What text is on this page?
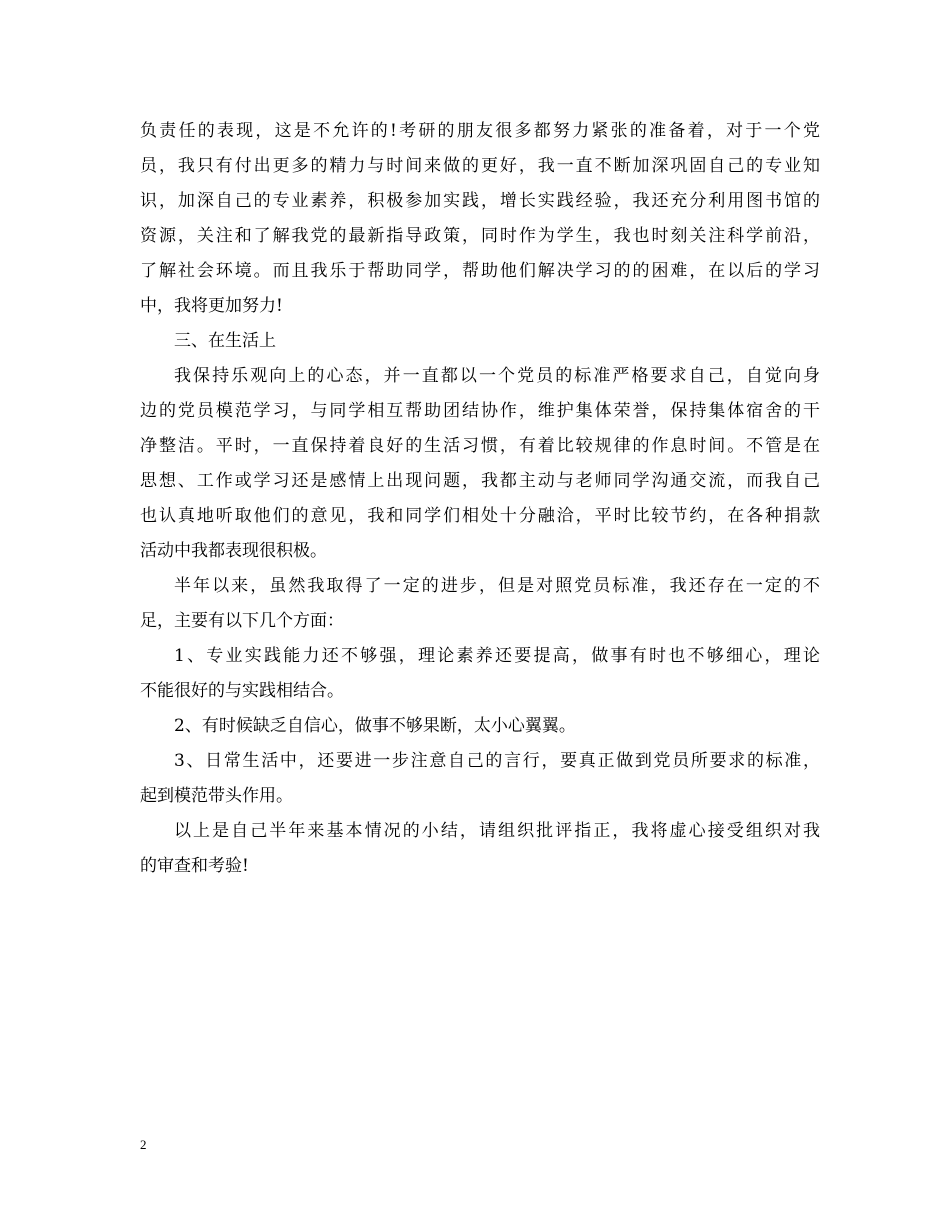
负责任的表现，这是不允许的!考研的朋友很多都努力紧张的准备着，对于一个党
员，我只有付出更多的精力与时间来做的更好，我一直不断加深巩固自己的专业知
识，加深自己的专业素养，积极参加实践，增长实践经验，我还充分利用图书馆的
资源，关注和了解我党的最新指导政策，同时作为学生，我也时刻关注科学前沿，
了解社会环境。而且我乐于帮助同学，帮助他们解决学习的的困难，在以后的学习
中，我将更加努力!
三、在生活上
我保持乐观向上的心态，并一直都以一个党员的标准严格要求自己，自觉向身
边的党员模范学习，与同学相互帮助团结协作，维护集体荣誉，保持集体宿舍的干
净整洁。平时，一直保持着良好的生活习惯，有着比较规律的作息时间。不管是在
思想、工作或学习还是感情上出现问题，我都主动与老师同学沟通交流，而我自己
也认真地听取他们的意见，我和同学们相处十分融洽，平时比较节约，在各种捐款
活动中我都表现很积极。
半年以来，虽然我取得了一定的进步，但是对照党员标准，我还存在一定的不
足，主要有以下几个方面：
1、专业实践能力还不够强，理论素养还要提高，做事有时也不够细心，理论
不能很好的与实践相结合。
2、有时候缺乏自信心，做事不够果断，太小心翼翼。
3、日常生活中，还要进一步注意自己的言行，要真正做到党员所要求的标准，
起到模范带头作用。
以上是自己半年来基本情况的小结，请组织批评指正，我将虚心接受组织对我
的审查和考验!
2
